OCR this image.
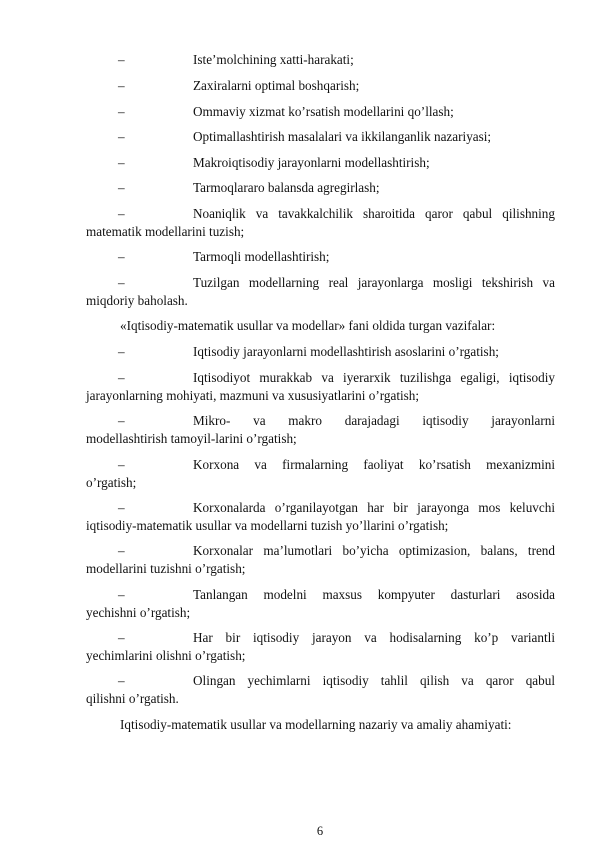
–	Iste’molchining xatti-harakati;
–	Zaxiralarni optimal boshqarish;
–	Ommaviy xizmat ko’rsatish modellarini qo’llash;
–	Optimallashtirish masalalari va ikkilanganlik nazariyasi;
–	Makroiqtisodiy jarayonlarni modellashtirish;
–	Tarmoqlararo balansda agregirlash;
–	Noaniqlik va tavakkalchilik sharoitida qaror qabul qilishning
matematik modellarini tuzish;
–	Tarmoqli modellashtirish;
–	Tuzilgan modellarning real jarayonlarga mosligi tekshirish va
miqdoriy baholash.
«Iqtisodiy-matematik usullar va modellar» fani oldida turgan vazifalar:
–	Iqtisodiy jarayonlarni modellashtirish asoslarini o’rgatish;
–	Iqtisodiyot murakkab va iyerarxik tuzilishga egaligi, iqtisodiy
jarayonlarning mohiyati, mazmuni va xususiyatlarini o’rgatish;
–	Mikro- va makro darajadagi iqtisodiy jarayonlarni
modellashtirish tamoyil-larini o’rgatish;
–	Korxona va firmalarning faoliyat ko’rsatish mexanizmini
o’rgatish;
–	Korxonalarda o’rganilayotgan har bir jarayonga mos keluvchi
iqtisodiy-matematik usullar va modellarni tuzish yo’llarini o’rgatish;
–	Korxonalar ma’lumotlari bo’yicha optimizasion, balans, trend
modellarini tuzishni o’rgatish;
–	Tanlangan modelni maxsus kompyuter dasturlari asosida
yechishni o’rgatish;
–	Har bir iqtisodiy jarayon va hodisalarning ko’p variantli
yechimlarini olishni o’rgatish;
–	Olingan yechimlarni iqtisodiy tahlil qilish va qaror qabul
qilishni o’rgatish.
Iqtisodiy-matematik usullar va modellarning nazariy va amaliy ahamiyati:
6
